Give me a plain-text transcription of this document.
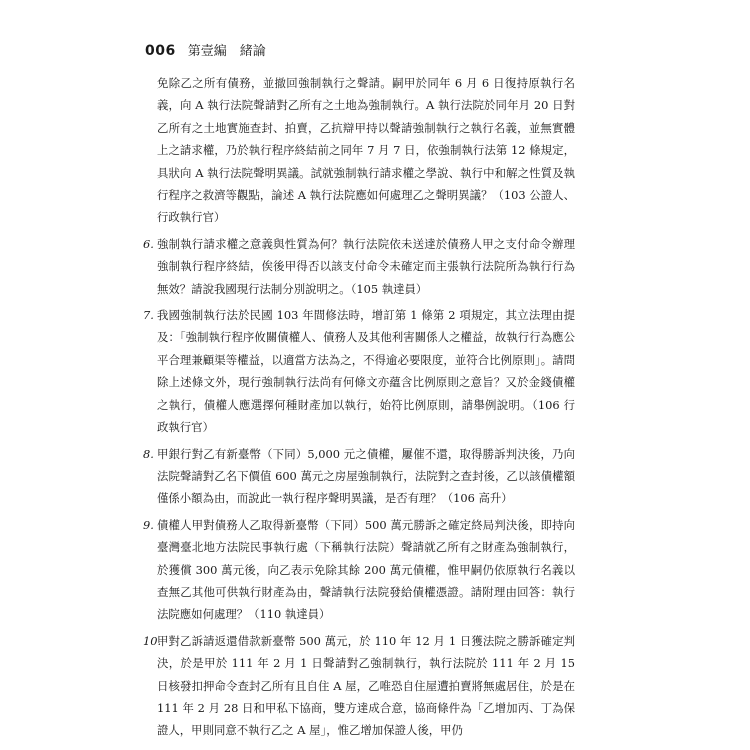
006 第壹編　緒論
免除乙之所有債務，並撤回強制執行之聲請。嗣甲於同年 6 月 6 日復持原執行名義，向 A 執行法院聲請對乙所有之土地為強制執行。A 執行法院於同年月 20 日對乙所有之土地實施查封、拍賣，乙抗辯甲持以聲請強制執行之執行名義，並無實體上之請求權，乃於執行程序終結前之同年 7 月 7 日，依強制執行法第 12 條規定，具狀向 A 執行法院聲明異議。試就強制執行請求權之學說、執行中和解之性質及執行程序之救濟等觀點，論述 A 執行法院應如何處理乙之聲明異議？（103 公證人、行政執行官）
6. 強制執行請求權之意義與性質為何？執行法院依未送達於債務人甲之支付命令辦理強制執行程序終結，俟後甲得否以該支付命令未確定而主張執行法院所為執行行為無效？請說我國現行法制分別說明之。（105 執達員）
7. 我國強制執行法於民國 103 年間修法時，增訂第 1 條第 2 項規定，其立法理由提及：「強制執行程序攸關債權人、債務人及其他利害關係人之權益，故執行行為應公平合理兼顧渠等權益，以適當方法為之，不得逾必要限度，並符合比例原則」。請問除上述條文外，現行強制執行法尚有何條文亦蘊含比例原則之意旨？又於金錢債權之執行，債權人應選擇何種財產加以執行，始符比例原則，請舉例說明。（106 行政執行官）
8. 甲銀行對乙有新臺幣（下同）5,000 元之債權，屢催不還，取得勝訴判決後，乃向法院聲請對乙名下價值 600 萬元之房屋強制執行，法院對之查封後，乙以該債權額僅係小額為由，而說此一執行程序聲明異議，是否有理？（106 高升）
9. 債權人甲對債務人乙取得新臺幣（下同）500 萬元勝訴之確定終局判決後，即持向臺灣臺北地方法院民事執行處（下稱執行法院）聲請就乙所有之財產為強制執行，於獲償 300 萬元後，向乙表示免除其餘 200 萬元債權，惟甲嗣仍依原執行名義以查無乙其他可供執行財產為由，聲請執行法院發給債權憑證。請附理由回答：執行法院應如何處理？（110 執達員）
10.
甲對乙訴請返還借款新臺幣 500 萬元，於 110 年 12 月 1 日獲法院之勝訴確定判決，於是甲於 111 年 2 月 1 日聲請對乙強制執行，執行法院於 111 年 2 月 15 日核發扣押命令查封乙所有且自住 A 屋，乙唯恐自住屋遭拍賣將無處居住，於是在 111 年 2 月 28 日和甲私下協商，雙方達成合意，協商條件為「乙增加丙、丁為保證人，甲則同意不執行乙之 A 屋」，惟乙增加保證人後，甲仍
